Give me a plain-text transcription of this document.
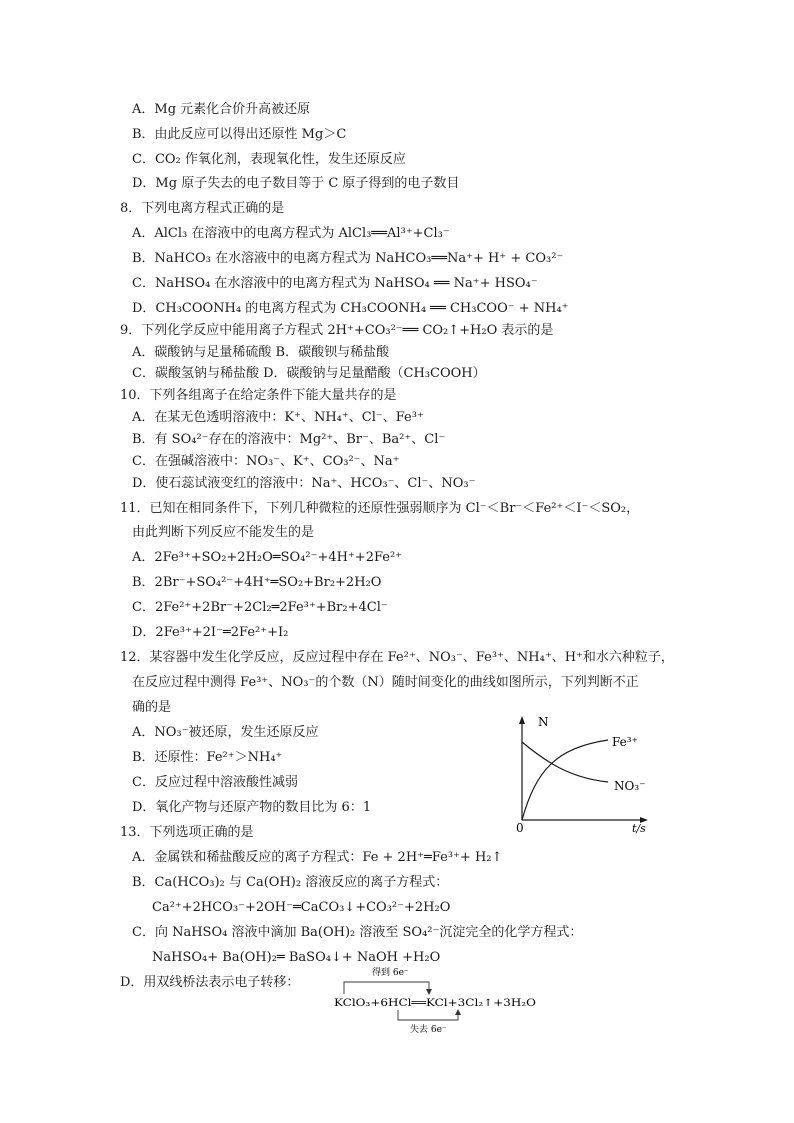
A．Mg 元素化合价升高被还原
B．由此反应可以得出还原性 Mg＞C
C．CO₂ 作氧化剂，表现氧化性，发生还原反应
D．Mg 原子失去的电子数目等于 C 原子得到的电子数目
8．下列电离方程式正确的是
A．AlCl₃ 在溶液中的电离方程式为 AlCl₃══Al³⁺+Cl₃⁻
B．NaHCO₃ 在水溶液中的电离方程式为 NaHCO₃══Na⁺+ H⁺ + CO₃²⁻
C．NaHSO₄ 在水溶液中的电离方程式为 NaHSO₄ ══ Na⁺+ HSO₄⁻
D．CH₃COONH₄ 的电离方程式为 CH₃COONH₄ ══ CH₃COO⁻ + NH₄⁺
9．下列化学反应中能用离子方程式 2H⁺+CO₃²⁻══ CO₂↑+H₂O 表示的是
A．碳酸钠与足量稀硫酸 B．碳酸钡与稀盐酸
C．碳酸氢钠与稀盐酸 D．碳酸钠与足量醋酸（CH₃COOH）
10．下列各组离子在给定条件下能大量共存的是
A．在某无色透明溶液中：K⁺、NH₄⁺、Cl⁻、Fe³⁺
B．有 SO₄²⁻存在的溶液中：Mg²⁺、Br⁻、Ba²⁺、Cl⁻
C．在强碱溶液中：NO₃⁻、K⁺、CO₃²⁻、Na⁺
D．使石蕊试液变红的溶液中：Na⁺、HCO₃⁻、Cl⁻、NO₃⁻
11．已知在相同条件下，下列几种微粒的还原性强弱顺序为 Cl⁻＜Br⁻＜Fe²⁺＜I⁻＜SO₂，
由此判断下列反应不能发生的是
A．2Fe³⁺+SO₂+2H₂O═SO₄²⁻+4H⁺+2Fe²⁺
B．2Br⁻+SO₄²⁻+4H⁺═SO₂+Br₂+2H₂O
C．2Fe²⁺+2Br⁻+2Cl₂═2Fe³⁺+Br₂+4Cl⁻
D．2Fe³⁺+2I⁻═2Fe²⁺+I₂
12．某容器中发生化学反应，反应过程中存在 Fe²⁺、NO₃⁻、Fe³⁺、NH₄⁺、H⁺和水六种粒子，
在反应过程中测得 Fe³⁺、NO₃⁻的个数（N）随时间变化的曲线如图所示，下列判断不正
确的是
A．NO₃⁻被还原，发生还原反应
B．还原性：Fe²⁺＞NH₄⁺
C．反应过程中溶液酸性减弱
D．氧化产物与还原产物的数目比为 6：1
N
0	t/s
Fe³⁺
NO₃⁻
13．下列选项正确的是
A．金属铁和稀盐酸反应的离子方程式：Fe + 2H⁺═Fe³⁺+ H₂↑
B．Ca(HCO₃)₂ 与 Ca(OH)₂ 溶液反应的离子方程式：
Ca²⁺+2HCO₃⁻+2OH⁻═CaCO₃↓+CO₃²⁻+2H₂O
C．向 NaHSO₄ 溶液中滴加 Ba(OH)₂ 溶液至 SO₄²⁻沉淀完全的化学方程式：
NaHSO₄+ Ba(OH)₂═ BaSO₄↓+ NaOH +H₂O
D．用双线桥法表示电子转移：
得到 6e⁻
KClO₃+6HCl══KCl+3Cl₂↑+3H₂O
失去 6e⁻
